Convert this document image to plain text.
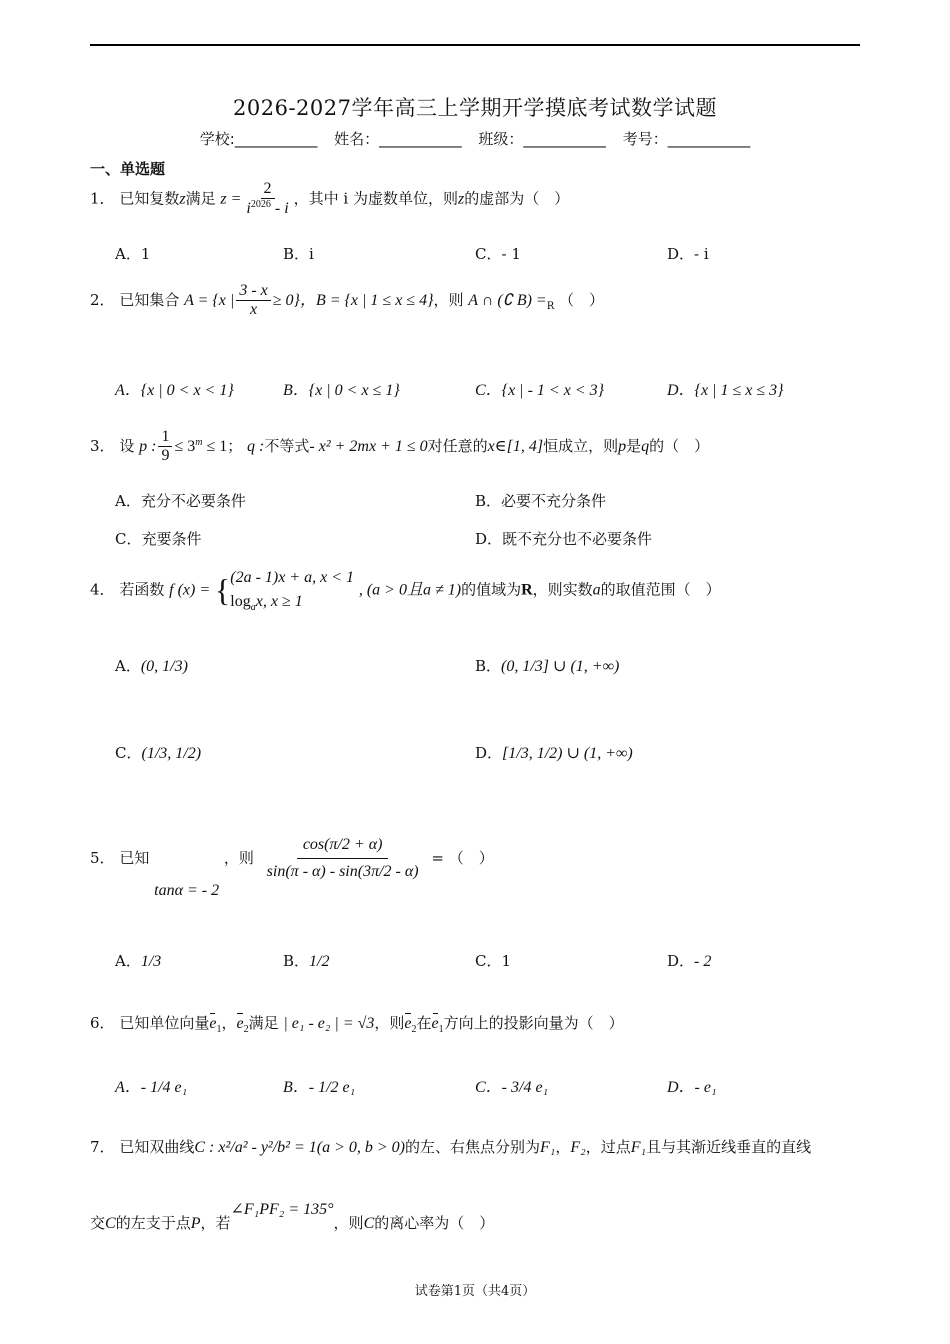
2026-2027学年高三上学期开学摸底考试数学试题
学校:___________ 姓名：___________ 班级：___________ 考号：___________
一、单选题
1． 已知复数z满足 $z = \frac{2}{i^{2026} - i}$ ，其中 i 为虚数单位，则z的虚部为（　）
A．1	B．i	C．- 1	D．- i
2． 已知集合 A = {x | $\frac{3 - x}{x} \ge 0$}，B = {x | 1 ≤ x ≤ 4}，则 A ∩ (∁ $B) =_R$ （　）
A．{x | 0 < x < 1}	B．{x | 0 < x ≤ 1}	C．{x | - 1 < x < 3}	D．{x | 1 ≤ x ≤ 3}
3． 设 p : $\frac{1}{9} \le 3^m \le 1$； q :不等式- x² + 2mx + 1 ≤ 0对任意的x∈[1, 4]恒成立，则p是q的（　）
A．充分不必要条件	B．必要不充分条件
C．充要条件	D．既不充分也不必要条件
4． 若函数 f (x) = { (2a - 1)x + a, x < 1
$\log_ax$, x ≥ 1
, (a > 0且a ≠ 1)的值域为R，则实数a的取值范围（　）
A．(0, 1/3)	B．(0, 1/3] ∪ (1, +∞)
C．(1/3, 1/2)	D．[1/3, 1/2) ∪ (1, +∞)
5． 已知 tanα = - 2 ，则 $\frac{\cos(\pi/2 + \alpha)}{\sin(\pi - \alpha) - \sin(3\pi/2 - \alpha)}$ = （　）
A．1/3	B．1/2	C．1	D．- 2
6． 已知单位向量$e_1$，$e_2$满足 | e₁ - e₂ | = √3，则$e_2$在$e_1$方向上的投影向量为（　）
A．- 1/4 e₁	B．- 1/2 e₁	C．- 3/4 e₁	D．- e₁
7． 已知双曲线C : x²/a² - y²/b² = 1(a > 0, b > 0)的左、右焦点分别为F₁，F₂，过点F₁且与其渐近线垂直的直线
交C的左支于点P，若∠F₁PF₂ = 135°，则C的离心率为（　）
试卷第1页（共4页）
